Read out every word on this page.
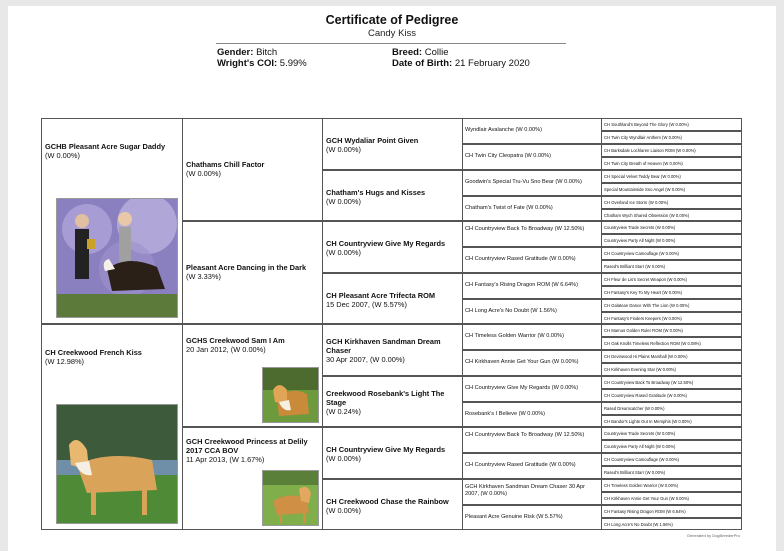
Certificate of Pedigree
Candy Kiss
Gender: Bitch
Wright's COI: 5.99%
Breed: Collie
Date of Birth: 21 February 2020
GCHB Pleasant Acre Sugar Daddy
(W 0.00%)
CH Creekwood French Kiss
(W 12.98%)
Chathams Chill Factor
(W 0.00%)
Pleasant Acre Dancing in the Dark
(W 3.33%)
GCHS Creekwood Sam I Am
20 Jan 2012, (W 0.00%)
GCH Creekwood Princess at Delily 2017 CCA BOV
11 Apr 2013, (W 1.67%)
GCH Wydaliar Point Given
(W 0.00%)
Chatham's Hugs and Kisses
(W 0.00%)
CH Countryview Give My Regards
(W 0.00%)
CH Pleasant Acre Trifecta ROM
15 Dec 2007, (W 5.57%)
GCH Kirkhaven Sandman Dream Chaser
30 Apr 2007, (W 0.00%)
Creekwood Rosebank's Light The Stage
(W 0.24%)
CH Countryview Give My Regards
(W 0.00%)
CH Creekwood Chase the Rainbow
(W 0.00%)
Wyndlair Avalanche (W 0.00%)
CH Twin City Cleopatra (W 0.00%)
Goodwin's Special Tru-Vu Sno Bear (W 0.00%)
Chatham's Twist of Fate (W 0.00%)
CH Countryview Back To Broadway (W 12.50%)
CH Countryview Rased Gratitude (W 0.00%)
CH Fantasy's Rising Dragon ROM (W 6.64%)
CH Long Acre's No Doubt (W 1.56%)
CH Timeless Golden Warrior (W 0.00%)
CH Kirkhaven Annie Get Your Gun (W 0.00%)
CH Countryview Give My Regards (W 0.00%)
Rosebank's I Believe (W 0.00%)
CH Countryview Back To Broadway (W 12.50%)
CH Countryview Rased Gratitude (W 0.00%)
GCH Kirkhaven Sandman Dream Chaser 30 Apr 2007, (W 0.00%)
Pleasant Acre Genuine Risk (W 5.57%)
CH Southland's Beyond The Glory (W 0.00%)
CH Twin City Wyndlair Anthem (W 0.00%)
CH Barksdale Lochlaren Liaison ROM (W 0.00%)
CH Twin City Breath of Heaven (W 0.00%)
CH Special Velvet Teddy Bear (W 0.00%)
Special Mountainside Sno Angel (W 0.00%)
CH Overland Ice Storm (W 0.00%)
Chatham Wych Shared Obsession (W 0.00%)
Countryview Trade Secrets (W 0.00%)
Countryview Party All Night (W 0.00%)
CH Countryview Camouflage (W 0.00%)
Rased's Brilliant Starr (W 0.00%)
CH Fleur de Lis's Secret Weapon (W 0.00%)
CH Fantasy's Key To My Heart (W 0.00%)
CH Galatean Dance With The Lion (W 0.00%)
CH Fantasy's Finders Keepers (W 0.00%)
CH Marnus Golden Ruler ROM (W 0.00%)
CH Oak Knolls Timeless Reflection ROM (W 0.08%)
CH Devinwood Hi Plains Marshall (W 0.00%)
CH Kirkhaven Evening Star (W 0.00%)
CH Countryview Back To Broadway (W 12.50%)
CH Countryview Rased Gratitude (W 0.00%)
Rased Dreamcatcher (W 0.00%)
CH Bandor's Lights Out In Memphis (W 0.00%)
Countryview Trade Secrets (W 0.00%)
Countryview Party All Night (W 0.00%)
CH Countryview Camouflage (W 0.00%)
Rased's Brilliant Starr (W 0.00%)
CH Timeless Golden Warrior (W 0.00%)
CH Kirkhaven Annie Get Your Gun (W 0.00%)
CH Fantasy Rising Dragon ROM (W 6.64%)
CH Long Acre's No Doubt (W 1.56%)
Generated by DogBreederPro
